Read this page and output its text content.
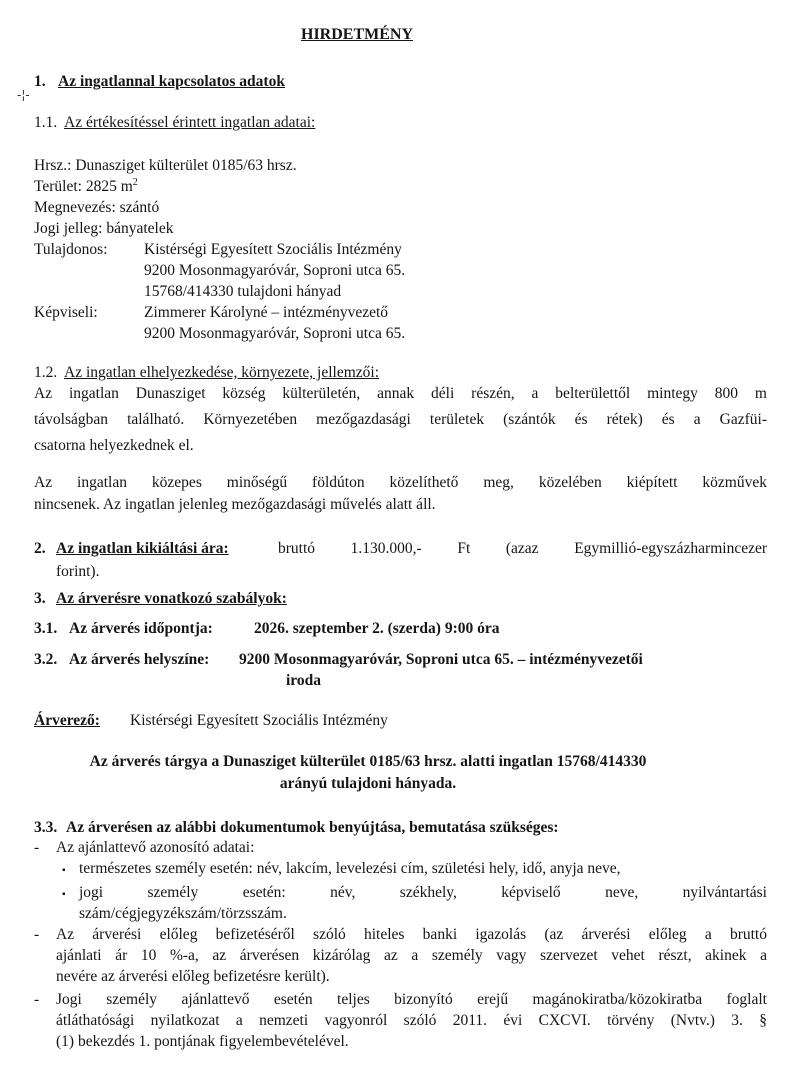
HIRDETMÉNY
-¦-
1. Az ingatlannal kapcsolatos adatok
1.1. Az értékesítéssel érintett ingatlan adatai:
Hrsz.: Dunasziget külterület 0185/63 hrsz.
Terület: 2825 $m^2$
Megnevezés: szántó
Jogi jelleg: bányatelek
Tulajdonos: Kistérségi Egyesített Szociális Intézmény
9200 Mosonmagyaróvár, Soproni utca 65.
15768/414330 tulajdoni hányad
Képviseli:	Zimmerer Károlyné – intézményvezető
9200 Mosonmagyaróvár, Soproni utca 65.
1.2. Az ingatlan elhelyezkedése, környezete, jellemzői:
Az ingatlan Dunasziget község külterületén, annak déli részén, a belterülettől mintegy 800 m
távolságban található. Környezetében mezőgazdasági területek (szántók és rétek) és a Gazfüi-
csatorna helyezkednek el.
Az ingatlan közepes minőségű földúton közelíthető meg, közelében kiépített közművek
nincsenek. Az ingatlan jelenleg mezőgazdasági művelés alatt áll.
2. Az ingatlan kikiáltási ára:	bruttó 1.130.000,- Ft (azaz Egymillió-egyszázharmincezer
forint).
3. Az árverésre vonatkozó szabályok:
3.1. Az árverés időpontja:	2026. szeptember 2. (szerda) 9:00 óra
3.2. Az árverés helyszíne: 9200 Mosonmagyaróvár, Soproni utca 65. – intézményvezetői
iroda
Árverező: Kistérségi Egyesített Szociális Intézmény
Az árverés tárgya a Dunasziget külterület 0185/63 hrsz. alatti ingatlan 15768/414330
arányú tulajdoni hányada.
3.3. Az árverésen az alábbi dokumentumok benyújtása, bemutatása szükséges:
- Az ajánlattevő azonosító adatai:
▪ természetes személy esetén: név, lakcím, levelezési cím, születési hely, idő, anyja neve,
▪ jogi személy esetén: név, székhely, képviselő neve, nyilvántartási
szám/cégjegyzékszám/törzsszám.
- Az árverési előleg befizetéséről szóló hiteles banki igazolás (az árverési előleg a bruttó
ajánlati ár 10 %-a, az árverésen kizárólag az a személy vagy szervezet vehet részt, akinek a
nevére az árverési előleg befizetésre került).
- Jogi személy ajánlattevő esetén teljes bizonyító erejű magánokiratba/közokiratba foglalt
átláthatósági nyilatkozat a nemzeti vagyonról szóló 2011. évi CXCVI. törvény (Nvtv.) 3. §
(1) bekezdés 1. pontjának figyelembevételével.
